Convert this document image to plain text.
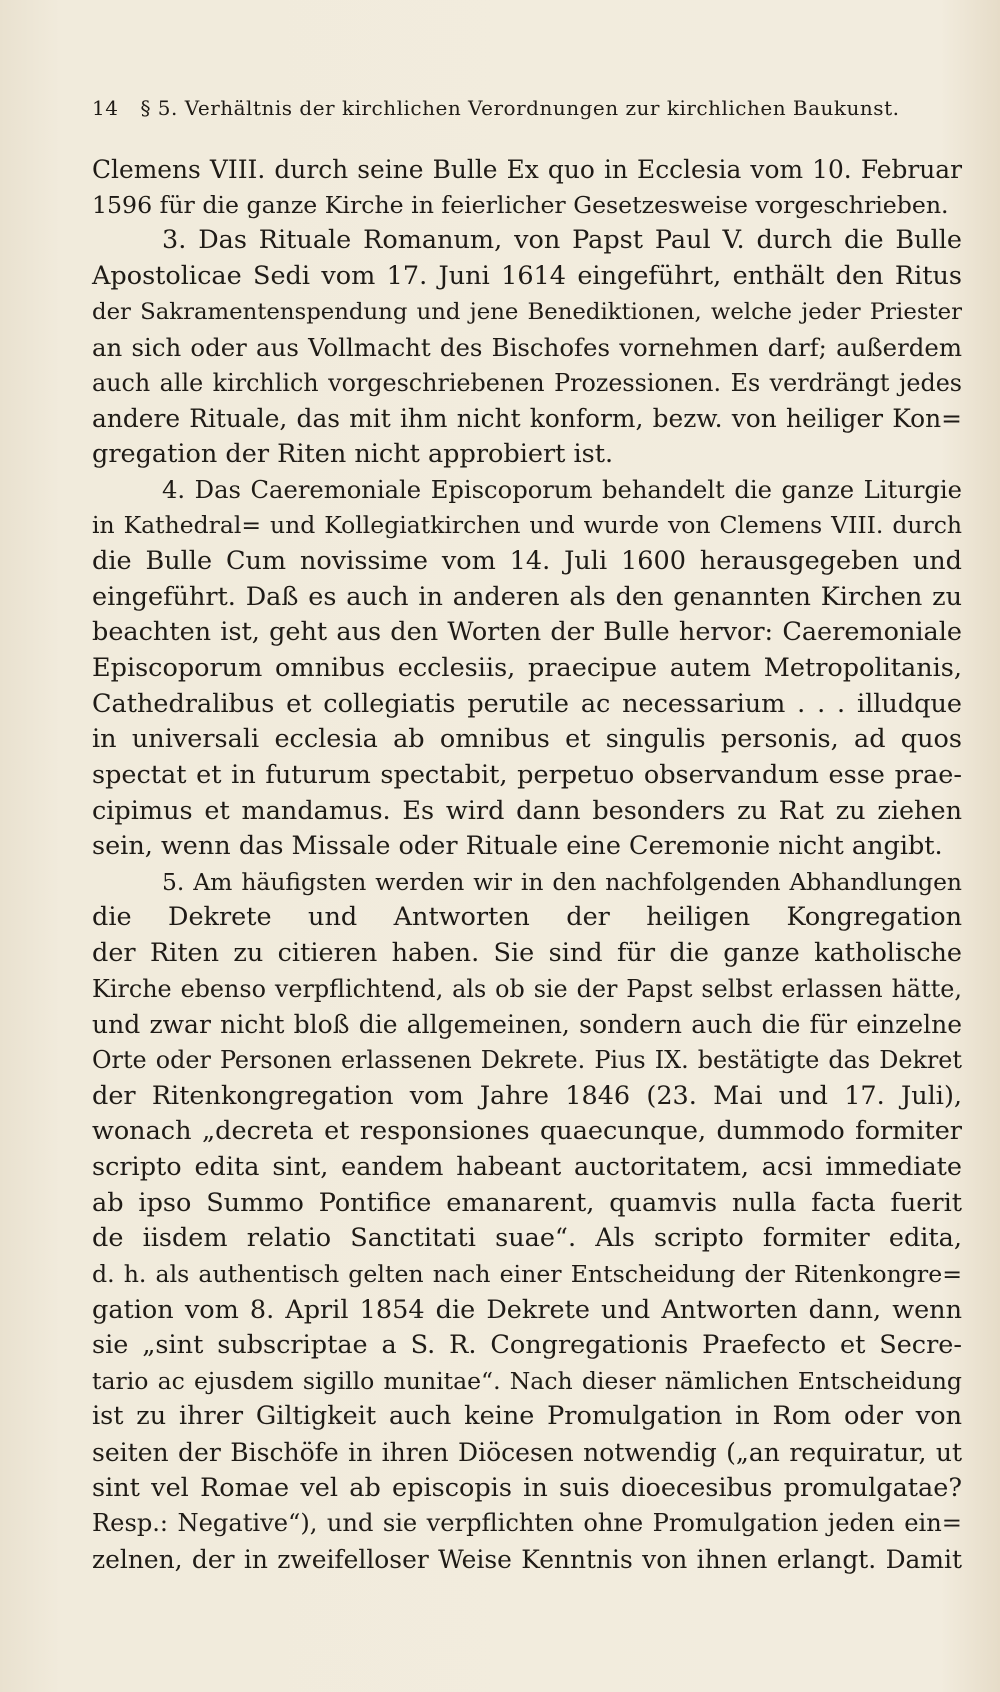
14 § 5. Verhältnis der kirchlichen Verordnungen zur kirchlichen Baukunst.
Clemens VIII. durch seine Bulle Ex quo in Ecclesia vom 10. Februar
1596 für die ganze Kirche in feierlicher Gesetzesweise vorgeschrieben.
3. Das Rituale Romanum, von Papst Paul V. durch die Bulle
Apostolicae Sedi vom 17. Juni 1614 eingeführt, enthält den Ritus
der Sakramentenspendung und jene Benediktionen, welche jeder Priester
an sich oder aus Vollmacht des Bischofes vornehmen darf; außerdem
auch alle kirchlich vorgeschriebenen Prozessionen. Es verdrängt jedes
andere Rituale, das mit ihm nicht konform, bezw. von heiliger Kon=
gregation der Riten nicht approbiert ist.
4. Das Caeremoniale Episcoporum behandelt die ganze Liturgie
in Kathedral= und Kollegiatkirchen und wurde von Clemens VIII. durch
die Bulle Cum novissime vom 14. Juli 1600 herausgegeben und
eingeführt. Daß es auch in anderen als den genannten Kirchen zu
beachten ist, geht aus den Worten der Bulle hervor: Caeremoniale
Episcoporum omnibus ecclesiis, praecipue autem Metropolitanis,
Cathedralibus et collegiatis perutile ac necessarium . . . illudque
in universali ecclesia ab omnibus et singulis personis, ad quos
spectat et in futurum spectabit, perpetuo observandum esse prae-
cipimus et mandamus. Es wird dann besonders zu Rat zu ziehen
sein, wenn das Missale oder Rituale eine Ceremonie nicht angibt.
5. Am häufigsten werden wir in den nachfolgenden Abhandlungen
die Dekrete und Antworten der heiligen Kongregation
der Riten zu citieren haben. Sie sind für die ganze katholische
Kirche ebenso verpflichtend, als ob sie der Papst selbst erlassen hätte,
und zwar nicht bloß die allgemeinen, sondern auch die für einzelne
Orte oder Personen erlassenen Dekrete. Pius IX. bestätigte das Dekret
der Ritenkongregation vom Jahre 1846 (23. Mai und 17. Juli),
wonach „decreta et responsiones quaecunque, dummodo formiter
scripto edita sint, eandem habeant auctoritatem, acsi immediate
ab ipso Summo Pontifice emanarent, quamvis nulla facta fuerit
de iisdem relatio Sanctitati suae“. Als scripto formiter edita,
d. h. als authentisch gelten nach einer Entscheidung der Ritenkongre=
gation vom 8. April 1854 die Dekrete und Antworten dann, wenn
sie „sint subscriptae a S. R. Congregationis Praefecto et Secre-
tario ac ejusdem sigillo munitae“. Nach dieser nämlichen Entscheidung
ist zu ihrer Giltigkeit auch keine Promulgation in Rom oder von
seiten der Bischöfe in ihren Diöcesen notwendig („an requiratur, ut
sint vel Romae vel ab episcopis in suis dioecesibus promulgatae?
Resp.: Negative“), und sie verpflichten ohne Promulgation jeden ein=
zelnen, der in zweifelloser Weise Kenntnis von ihnen erlangt. Damit
